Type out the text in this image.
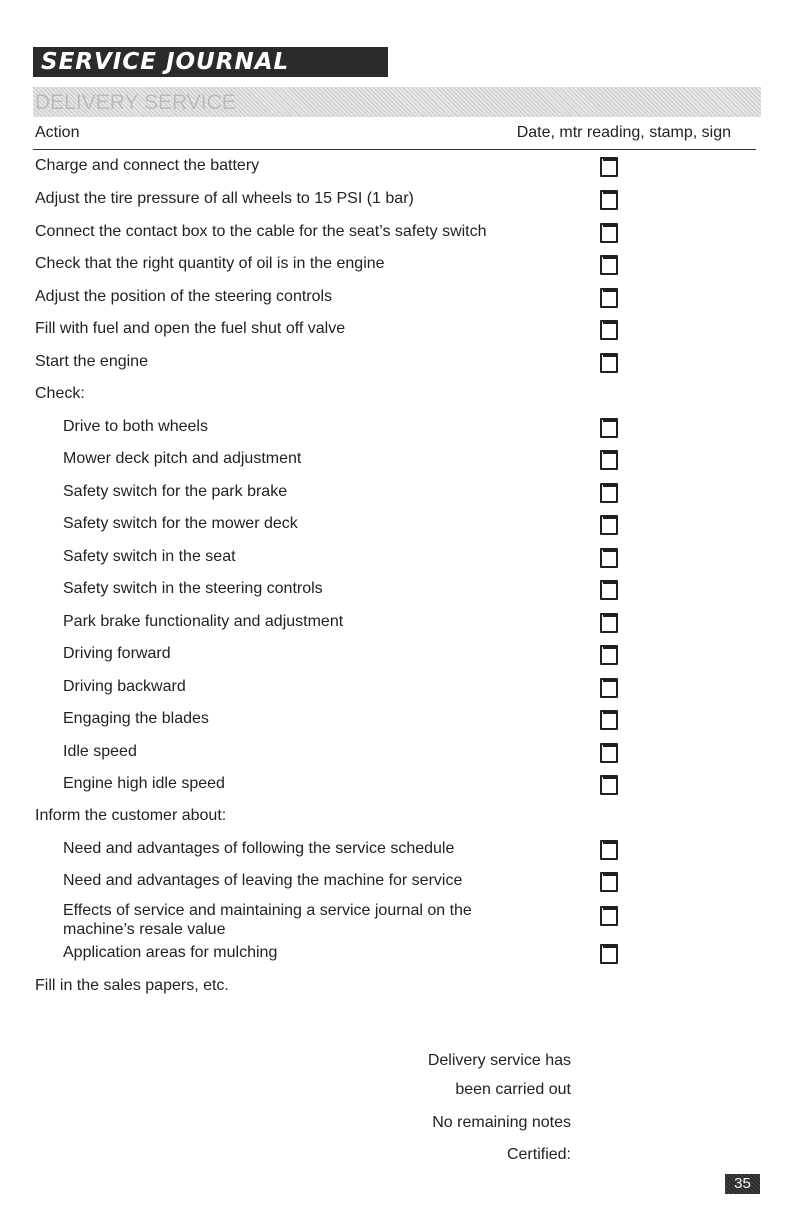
SERVICE JOURNAL
DELIVERY SERVICE
Action	Date, mtr reading, stamp, sign
Charge and connect the battery
Adjust the tire pressure of all wheels to 15 PSI (1 bar)
Connect the contact box to the cable for the seat’s safety switch
Check that the right quantity of oil is in the engine
Adjust the position of the steering controls
Fill with fuel and open the fuel shut off valve
Start the engine
Check:
Drive to both wheels
Mower deck pitch and adjustment
Safety switch for the park brake
Safety switch for the mower deck
Safety switch in the seat
Safety switch in the steering controls
Park brake functionality and adjustment
Driving forward
Driving backward
Engaging the blades
Idle speed
Engine high idle speed
Inform the customer about:
Need and advantages of following the service schedule
Need and advantages of leaving the machine for service
Effects of service and maintaining a service journal on the machine’s resale value
Application areas for mulching
Fill in the sales papers, etc.
Delivery service has
been carried out
No remaining notes
Certified:
35
